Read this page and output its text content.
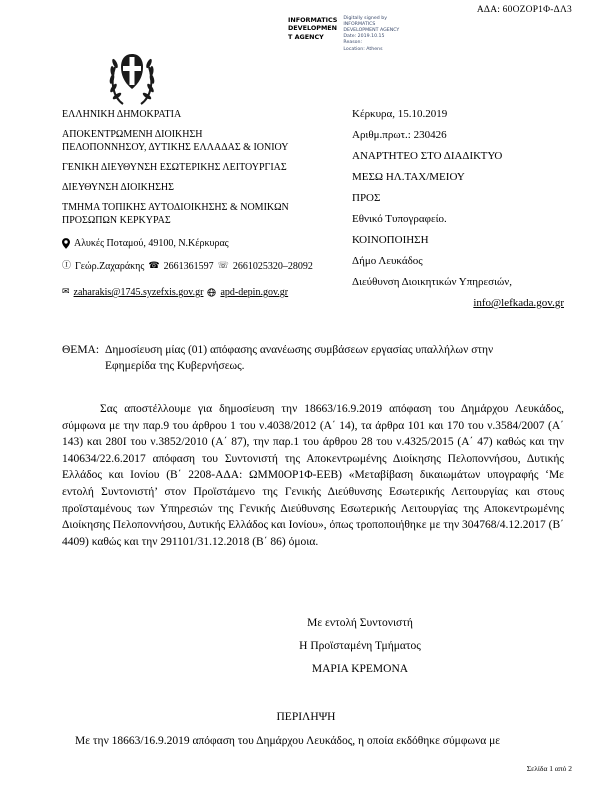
ΑΔΑ: 60OZOP1Φ-ΔΛ3
INFORMATICS
DEVELOPMEN
T AGENCY
Digitally signed by
INFORMATICS
DEVELOPMENT AGENCY
Date: 2019.10.15
Reason:
Location: Athens

ΕΛΛΗΝΙΚΗ ΔΗΜΟΚΡΑΤΙΑ

ΑΠΟΚΕΝΤΡΩΜΕΝΗ ΔΙΟΙΚΗΣΗ

ΠΕΛΟΠΟΝΝΗΣΟΥ, ΔΥΤΙΚΗΣ ΕΛΛΑΔΑΣ & ΙΟΝΙΟΥ

ΓΕΝΙΚΗ ΔΙΕΥΘΥΝΣΗ ΕΣΩΤΕΡΙΚΗΣ ΛΕΙΤΟΥΡΓΙΑΣ

ΔΙΕΥΘΥΝΣΗ ΔΙΟΙΚΗΣΗΣ

ΤΜΗΜΑ ΤΟΠΙΚΗΣ ΑΥΤΟΔΙΟΙΚΗΣΗΣ & ΝΟΜΙΚΩΝ

ΠΡΟΣΩΠΩΝ ΚΕΡΚΥΡΑΣ

Αλυκές Ποταμού, 49100, Ν.Κέρκυρας

Ⓘ Γεώρ.Ζαχαράκης ☎ 2661361597 ☏ 2661025320–28092

✉ zaharakis@1745.syzefxis.gov.gr apd-depin.gov.gr

Κέρκυρα, 15.10.2019

Αριθμ.πρωτ.: 230426

ΑΝΑΡΤΗΤΕΟ ΣΤΟ ΔΙΑΔΙΚΤΥΟ

ΜΕΣΩ ΗΛ.ΤΑΧ/ΜΕΙΟΥ

ΠΡΟΣ

Εθνικό Τυπογραφείο.

ΚΟΙΝΟΠΟΙΗΣΗ

Δήμο Λευκάδος

Διεύθυνση Διοικητικών Υπηρεσιών,

info@lefkada.gov.gr

ΘΕΜΑ: Δημοσίευση μίας (01) απόφασης ανανέωσης συμβάσεων εργασίας υπαλλήλων στην Εφημερίδα της Κυβερνήσεως.

Σας αποστέλλουμε για δημοσίευση την 18663/16.9.2019 απόφαση του Δημάρχου Λευκάδος, σύμφωνα με την παρ.9 του άρθρου 1 του ν.4038/2012 (Α΄ 14), τα άρθρα 101 και 170 του ν.3584/2007 (Α΄ 143) και 280Ι του ν.3852/2010 (Α΄ 87), την παρ.1 του άρθρου 28 του ν.4325/2015 (Α΄ 47) καθώς και την 140634/22.6.2017 απόφαση του Συντονιστή της Αποκεντρωμένης Διοίκησης Πελοποννήσου, Δυτικής Ελλάδος και Ιονίου (Β΄ 2208-ΑΔΑ: ΩΜΜ0ΟΡ1Φ-ΕΕΒ) «Μεταβίβαση δικαιωμάτων υπογραφής ‘Με εντολή Συντονιστή’ στον Προϊστάμενο της Γενικής Διεύθυνσης Εσωτερικής Λειτουργίας και στους προϊσταμένους των Υπηρεσιών της Γενικής Διεύθυνσης Εσωτερικής Λειτουργίας της Αποκεντρωμένης Διοίκησης Πελοποννήσου, Δυτικής Ελλάδος και Ιονίου», όπως τροποποιήθηκε με την 304768/4.12.2017 (Β΄ 4409) καθώς και την 291101/31.12.2018 (Β΄ 86) όμοια.

Με εντολή Συντονιστή

Η Προϊσταμένη Τμήματος

ΜΑΡΙΑ ΚΡΕΜΟΝΑ

ΠΕΡΙΛΗΨΗ

Με την 18663/16.9.2019 απόφαση του Δημάρχου Λευκάδος, η οποία εκδόθηκε σύμφωνα με

Σελίδα 1 από 2
